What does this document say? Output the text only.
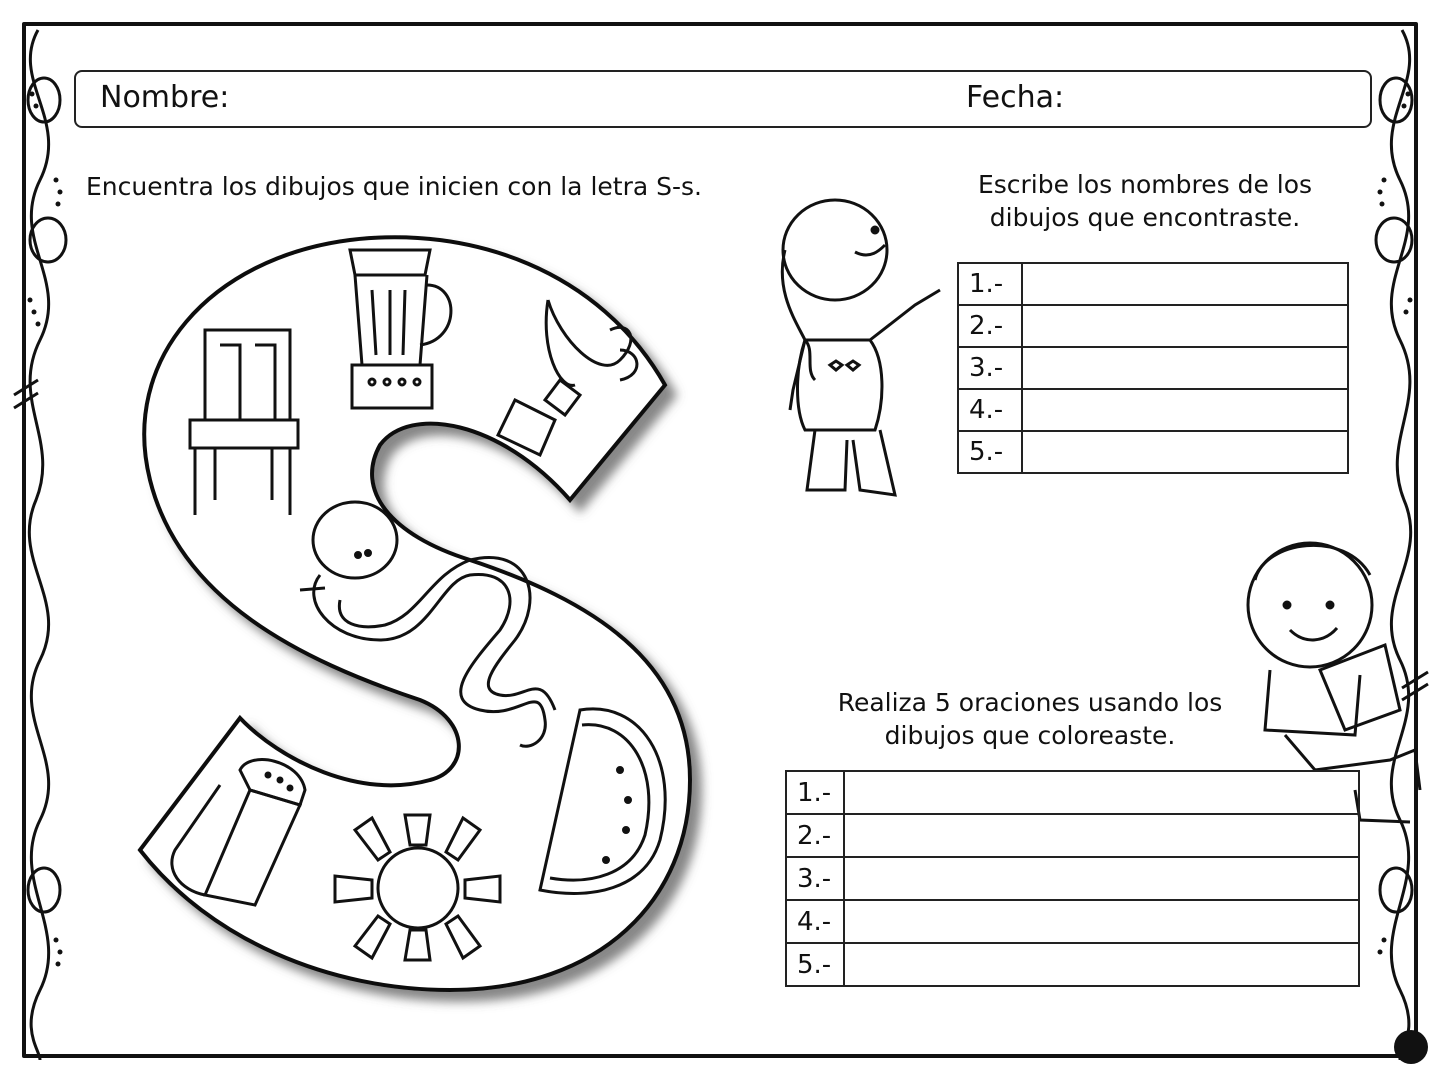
Nombre:	Fecha:
Encuentra los dibujos que inicien con la letra S-s.	Escribe los nombres de los
dibujos que encontraste.
Realiza 5 oraciones usando los
dibujos que coloreaste.
1.-	
2.-	
3.-	
4.-	
5.-	
1.-	
2.-	
3.-	
4.-	
5.-	
